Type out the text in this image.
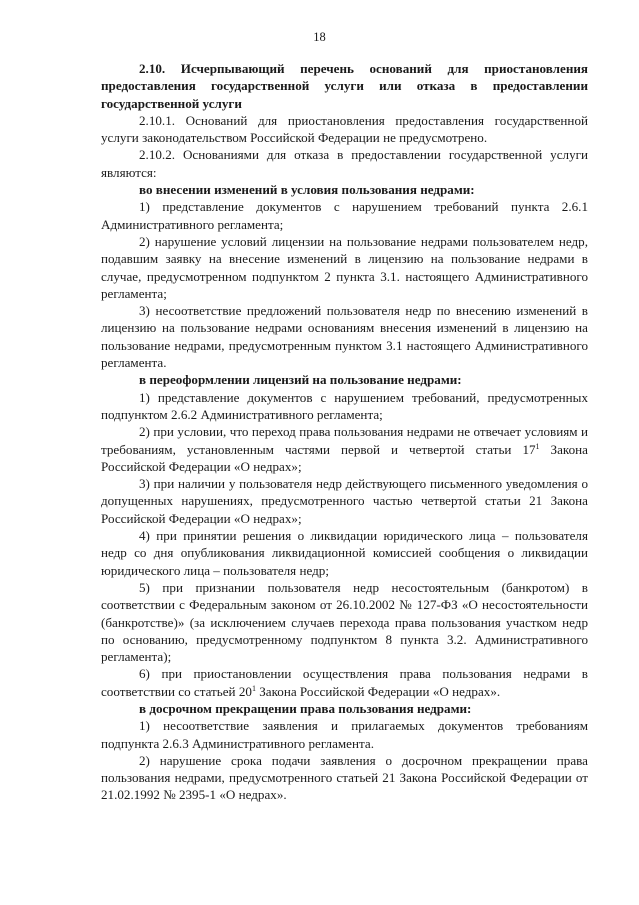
18

2.10. Исчерпывающий перечень оснований для приостановления предоставления государственной услуги или отказа в предоставлении государственной услуги

2.10.1. Оснований для приостановления предоставления государственной услуги законодательством Российской Федерации не предусмотрено.

2.10.2. Основаниями для отказа в предоставлении государственной услуги являются:

во внесении изменений в условия пользования недрами:

1) представление документов с нарушением требований пункта 2.6.1 Административного регламента;

2) нарушение условий лицензии на пользование недрами пользователем недр, подавшим заявку на внесение изменений в лицензию на пользование недрами в случае, предусмотренном подпунктом 2 пункта 3.1. настоящего Административного регламента;

3) несоответствие предложений пользователя недр по внесению изменений в лицензию на пользование недрами основаниям внесения изменений в лицензию на пользование недрами, предусмотренным пунктом 3.1 настоящего Административного регламента.

в переоформлении лицензий на пользование недрами:

1) представление документов с нарушением требований, предусмотренных подпунктом 2.6.2 Административного регламента;

2) при условии, что переход права пользования недрами не отвечает условиям и требованиям, установленным частями первой и четвертой статьи $17^1$ Закона Российской Федерации «О недрах»;

3) при наличии у пользователя недр действующего письменного уведомления о допущенных нарушениях, предусмотренного частью четвертой статьи 21 Закона Российской Федерации «О недрах»;

4) при принятии решения о ликвидации юридического лица – пользователя недр со дня опубликования ликвидационной комиссией сообщения о ликвидации юридического лица – пользователя недр;

5) при признании пользователя недр несостоятельным (банкротом) в соответствии с Федеральным законом от 26.10.2002 № 127-ФЗ «О несостоятельности (банкротстве)» (за исключением случаев перехода права пользования участком недр по основанию, предусмотренному подпунктом 8 пункта 3.2. Административного регламента);

6) при приостановлении осуществления права пользования недрами в соответствии со статьей $20^1$ Закона Российской Федерации «О недрах».

в досрочном прекращении права пользования недрами:

1) несоответствие заявления и прилагаемых документов требованиям подпункта 2.6.3 Административного регламента.

2) нарушение срока подачи заявления о досрочном прекращении права пользования недрами, предусмотренного статьей 21 Закона Российской Федерации от 21.02.1992 № 2395-1 «О недрах».
